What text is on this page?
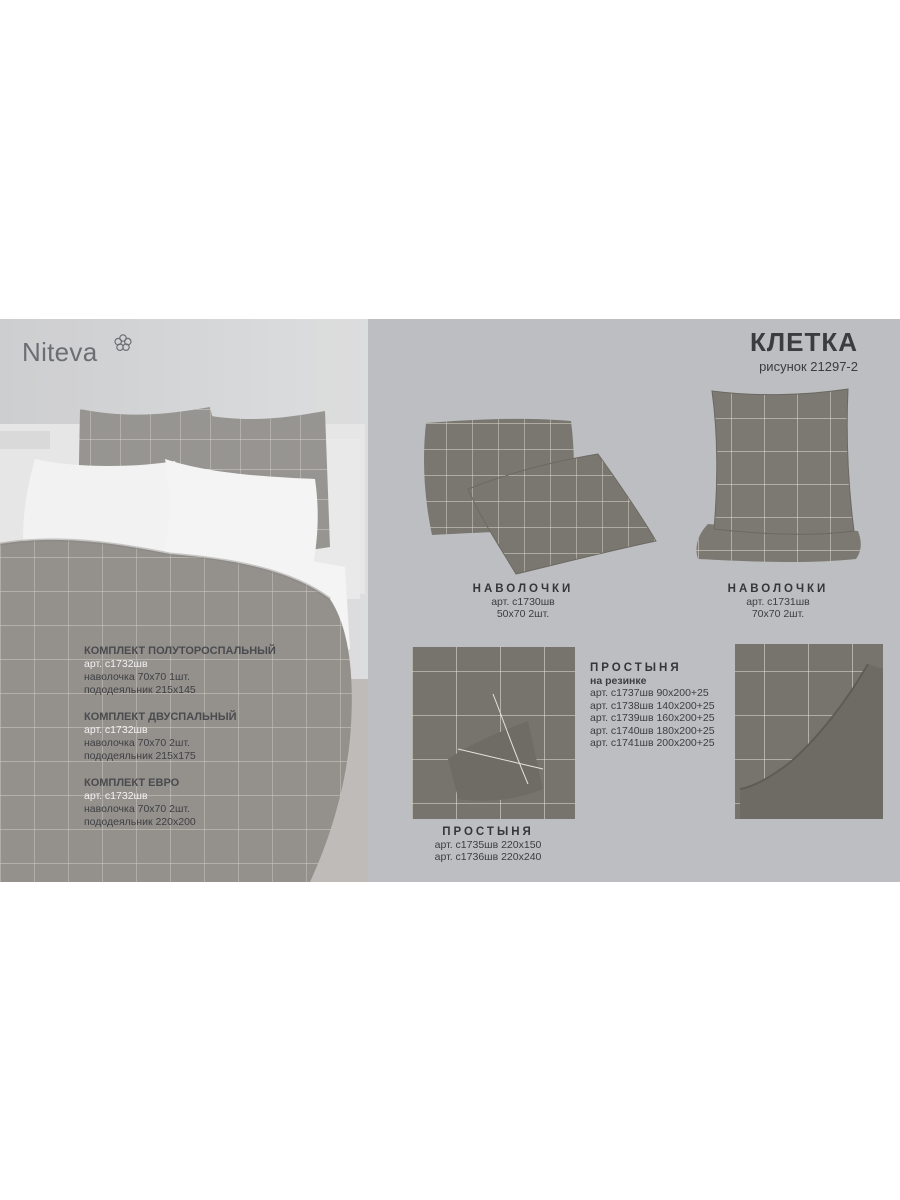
Niteva
КОМПЛЕКТ ПОЛУТОРОСПАЛЬНЫЙ
арт. с1732шв
наволочка 70х70 1шт.
пододеяльник 215х145
КОМПЛЕКТ ДВУСПАЛЬНЫЙ
арт. с1732шв
наволочка 70х70 2шт.
пододеяльник 215х175
КОМПЛЕКТ ЕВРО
арт. с1732шв
наволочка 70х70 2шт.
пододеяльник 220х200
КЛЕТКА
рисунок 21297-2
НАВОЛОЧКИ
арт. с1730шв
50х70 2шт.
НАВОЛОЧКИ
арт. с1731шв
70х70 2шт.
ПРОСТЫНЯ
на резинке
арт. с1737шв 90х200+25
арт. с1738шв 140х200+25
арт. с1739шв 160х200+25
арт. с1740шв 180х200+25
арт. с1741шв 200х200+25
ПРОСТЫНЯ
арт. с1735шв 220х150
арт. с1736шв 220х240
